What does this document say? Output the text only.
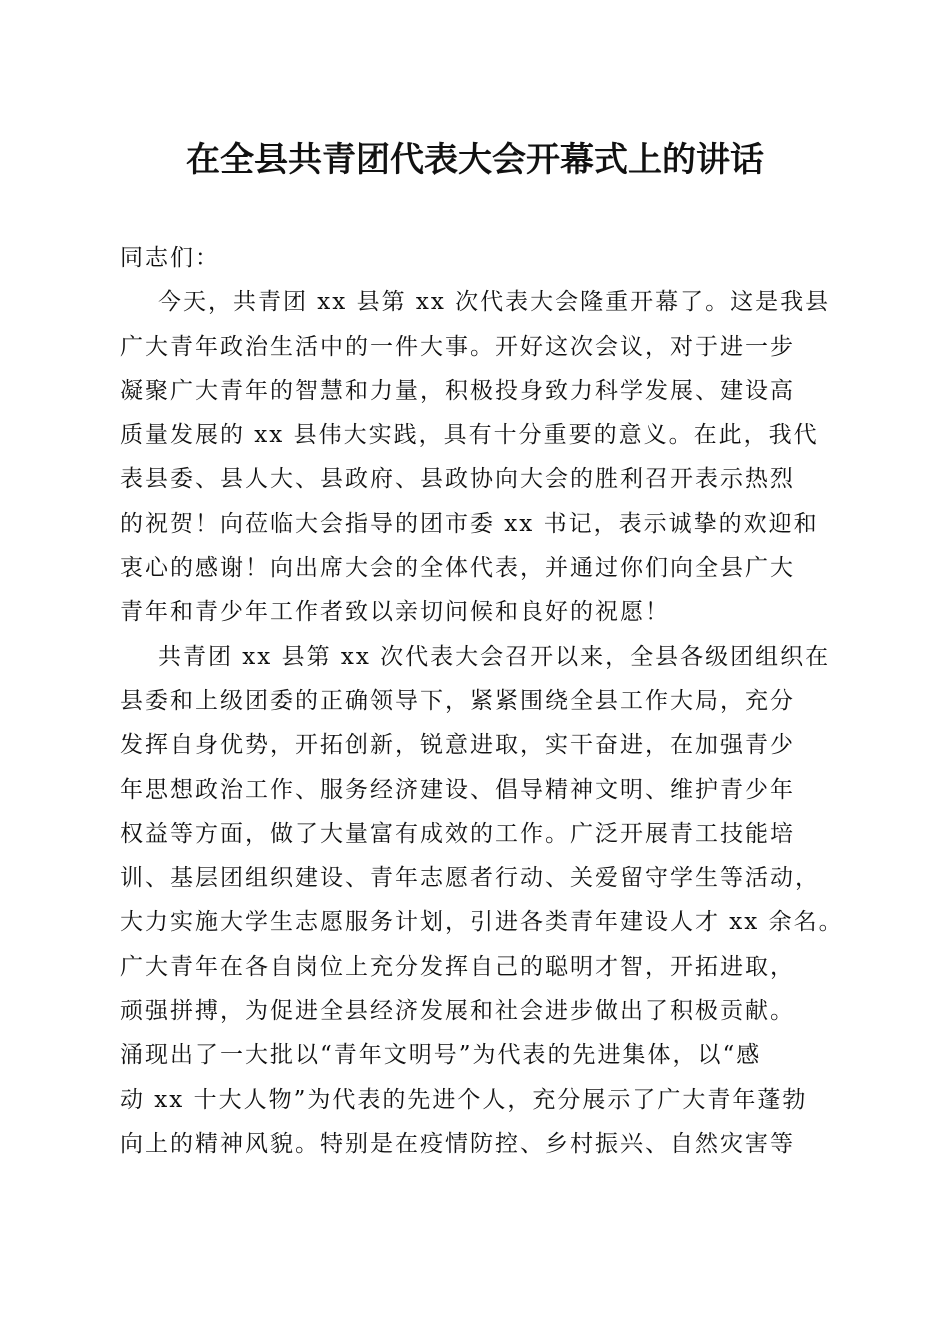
在全县共青团代表大会开幕式上的讲话
同志们：
今天，共青团 xx 县第 xx 次代表大会隆重开幕了。这是我县
广大青年政治生活中的一件大事。开好这次会议，对于进一步
凝聚广大青年的智慧和力量，积极投身致力科学发展、建设高
质量发展的 xx 县伟大实践，具有十分重要的意义。在此，我代
表县委、县人大、县政府、县政协向大会的胜利召开表示热烈
的祝贺！向莅临大会指导的团市委 xx 书记，表示诚挚的欢迎和
衷心的感谢！向出席大会的全体代表，并通过你们向全县广大
青年和青少年工作者致以亲切问候和良好的祝愿！
共青团 xx 县第 xx 次代表大会召开以来，全县各级团组织在
县委和上级团委的正确领导下，紧紧围绕全县工作大局，充分
发挥自身优势，开拓创新，锐意进取，实干奋进，在加强青少
年思想政治工作、服务经济建设、倡导精神文明、维护青少年
权益等方面，做了大量富有成效的工作。广泛开展青工技能培
训、基层团组织建设、青年志愿者行动、关爱留守学生等活动，
大力实施大学生志愿服务计划，引进各类青年建设人才 xx 余名。
广大青年在各自岗位上充分发挥自己的聪明才智，开拓进取，
顽强拼搏，为促进全县经济发展和社会进步做出了积极贡献。
涌现出了一大批以“青年文明号”为代表的先进集体，以“感
动 xx 十大人物”为代表的先进个人，充分展示了广大青年蓬勃
向上的精神风貌。特别是在疫情防控、乡村振兴、自然灾害等
